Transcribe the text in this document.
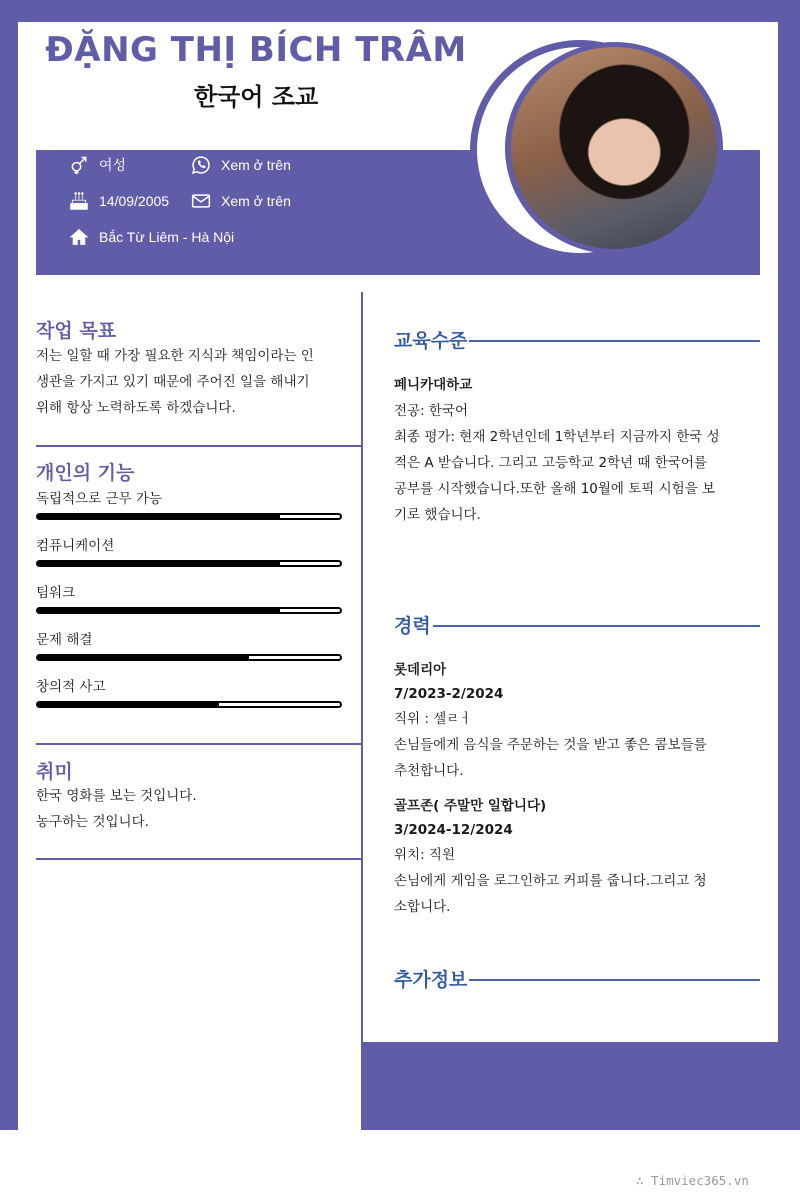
ĐẶNG THỊ BÍCH TRÂM
한국어 조교
여성
14/09/2005
Bắc Từ Liêm - Hà Nội
Xem ở trên
Xem ở trên
작업 목표
저는 일할 때 가장 필요한 지식과 책임이라는 인
생관을 가지고 있기 때문에 주어진 일을 해내기
위해 항상 노력하도록 하겠습니다.
개인의 기능
독립적으로 근무 가능
컴퓨니케이션
팀워크
문제 해결
창의적 사고
취미
한국 영화를 보는 것입니다.
농구하는 것입니다.
교육수준
페니카대하교
전공: 한국어
최종 평가: 현재 2학년인데 1학년부터 지금까지 한국 성
적은 A 받습니다. 그리고 고등학교 2학년 때 한국어를
공부를 시작했습니다.또한 올해 10월에 토픽 시험을 보
기로 했습니다.
경력
롯데리아
7/2023-2/2024
직위 : 셀ㄹㅓ
손님들에게 음식을 주문하는 것을 받고 좋은 콤보들를
추천합니다.
골프존( 주말만 일합니다)
3/2024-12/2024
위치: 직원
손님에게 게임을 로그인하고 커피를 줍니다.그리고 청
소합니다.
추가정보
∴ Timviec365.vn
